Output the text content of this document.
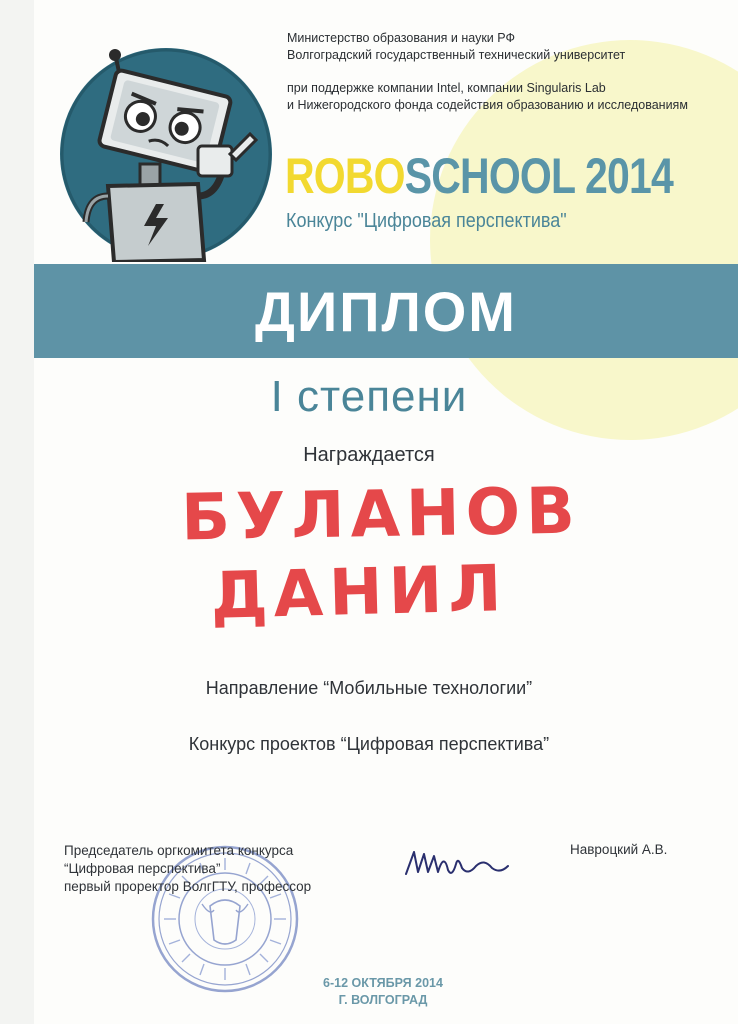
Министерство образования и науки РФ
Волгоградский государственный технический университет
при поддержке компании Intel, компании Singularis Lab
и Нижегородского фонда содействия образованию и исследованиям
ROBOSCHOOL 2014
Конкурс "Цифровая перспектива"
ДИПЛОМ
I степени
Награждается
БУЛАНОВ
ДАНИЛ
Направление “Мобильные технологии”
Конкурс проектов “Цифровая перспектива”
Председатель оргкомитета конкурса
“Цифровая перспектива”
первый проректор ВолгГТУ, профессор
Навроцкий А.В.
6-12 ОКТЯБРЯ 2014
Г. ВОЛГОГРАД
